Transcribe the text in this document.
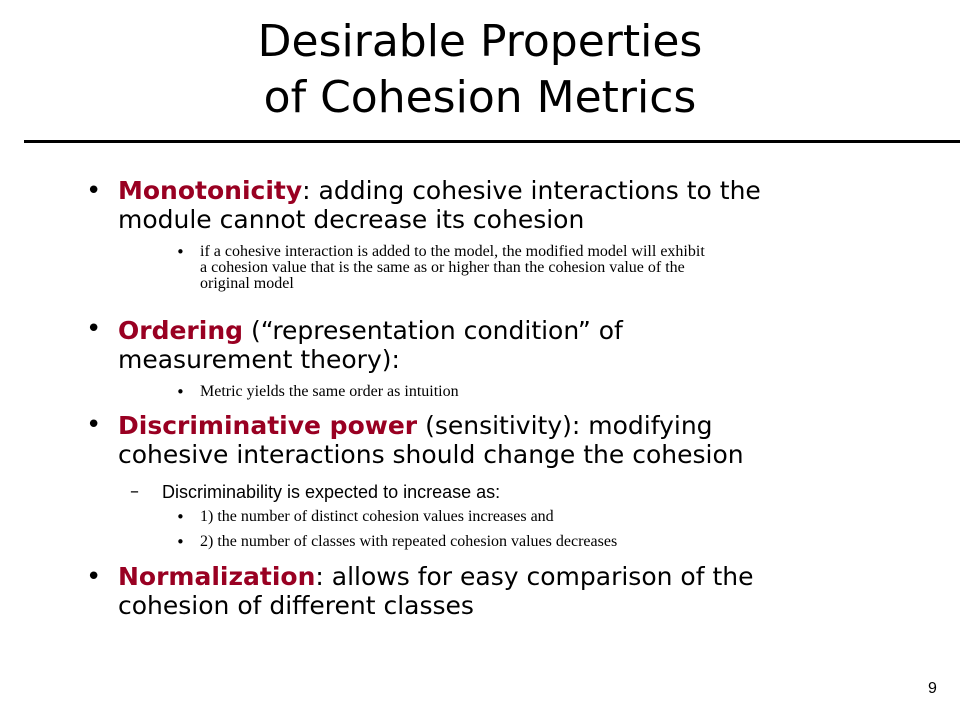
Desirable Properties
of Cohesion Metrics
• Monotonicity: adding cohesive interactions to the
module cannot decrease its cohesion
• if a cohesive interaction is added to the model, the modified model will exhibit
a cohesion value that is the same as or higher than the cohesion value of the
original model
• Ordering (“representation condition” of
measurement theory):
• Metric yields the same order as intuition
• Discriminative power (sensitivity): modifying
cohesive interactions should change the cohesion
– Discriminability is expected to increase as:
• 1) the number of distinct cohesion values increases and
• 2) the number of classes with repeated cohesion values decreases
• Normalization: allows for easy comparison of the
cohesion of different classes
9
